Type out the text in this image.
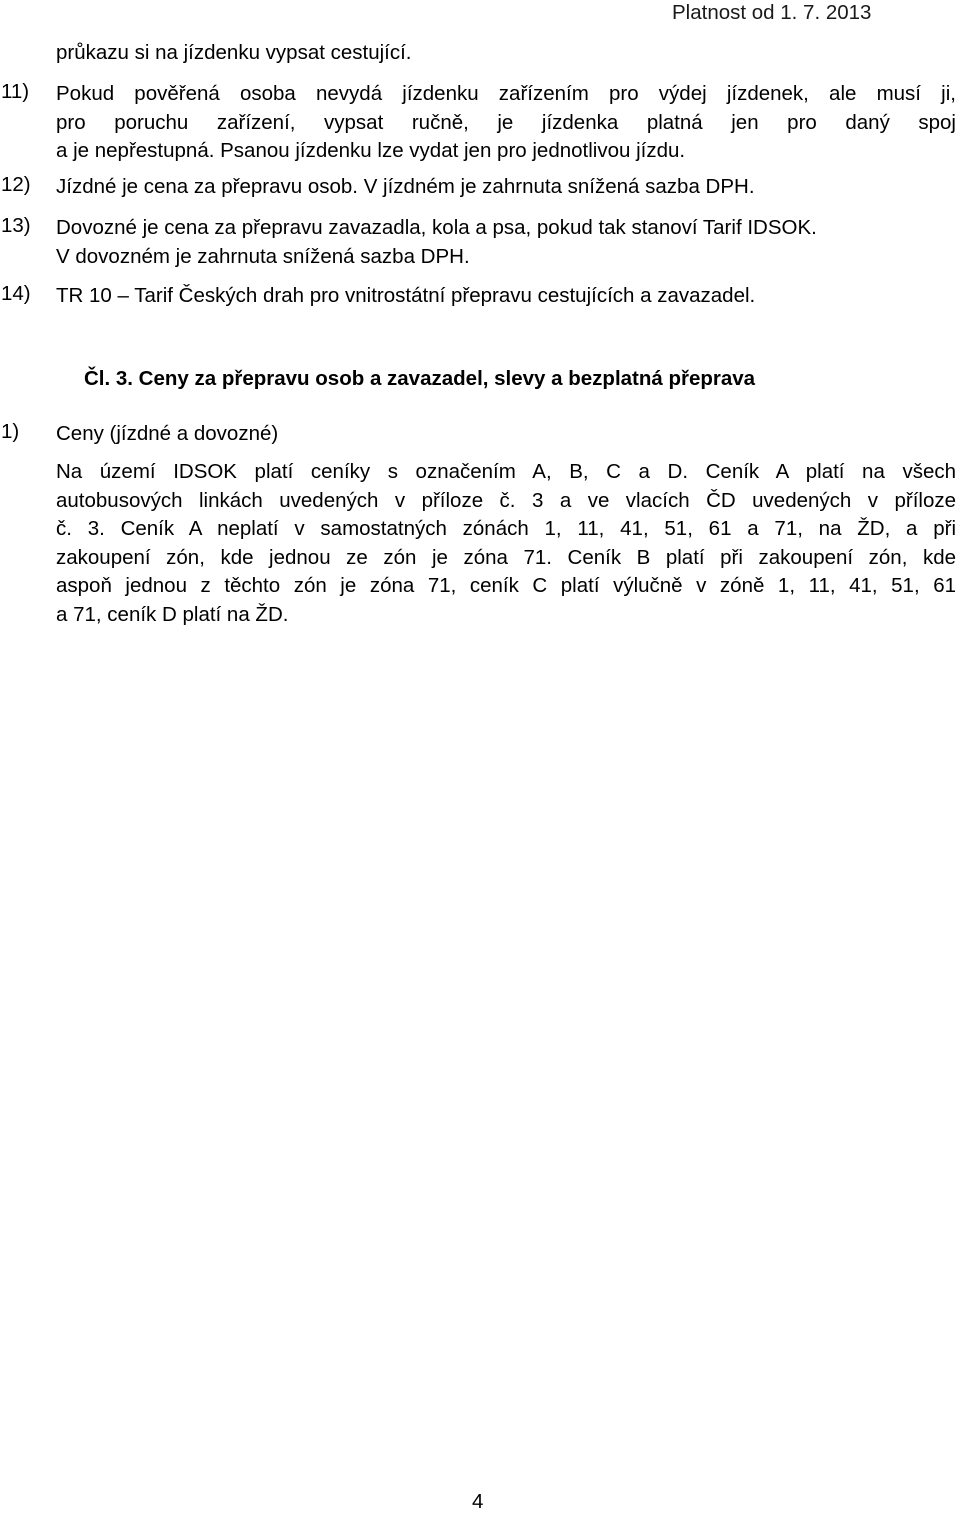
Platnost od 1. 7. 2013
průkazu si na jízdenku vypsat cestující.
11) Pokud pověřená osoba nevydá jízdenku zařízením pro výdej jízdenek, ale musí ji,
pro poruchu zařízení, vypsat ručně, je jízdenka platná jen pro daný spoj
a je nepřestupná. Psanou jízdenku lze vydat jen pro jednotlivou jízdu.
12) Jízdné je cena za přepravu osob. V jízdném je zahrnuta snížená sazba DPH.
13) Dovozné je cena za přepravu zavazadla, kola a psa, pokud tak stanoví Tarif IDSOK.
V dovozném je zahrnuta snížená sazba DPH.
14) TR 10 – Tarif Českých drah pro vnitrostátní přepravu cestujících a zavazadel.
Čl. 3. Ceny za přepravu osob a zavazadel, slevy a bezplatná přeprava
1) Ceny (jízdné a dovozné)
Na území IDSOK platí ceníky s označením A, B, C a D. Ceník A platí na všech
autobusových linkách uvedených v příloze č. 3 a ve vlacích ČD uvedených v příloze
č. 3. Ceník A neplatí v samostatných zónách 1, 11, 41, 51, 61 a 71, na ŽD, a při
zakoupení zón, kde jednou ze zón je zóna 71. Ceník B platí při zakoupení zón, kde
aspoň jednou z těchto zón je zóna 71, ceník C platí výlučně v zóně 1, 11, 41, 51, 61
a 71, ceník D platí na ŽD.
4
